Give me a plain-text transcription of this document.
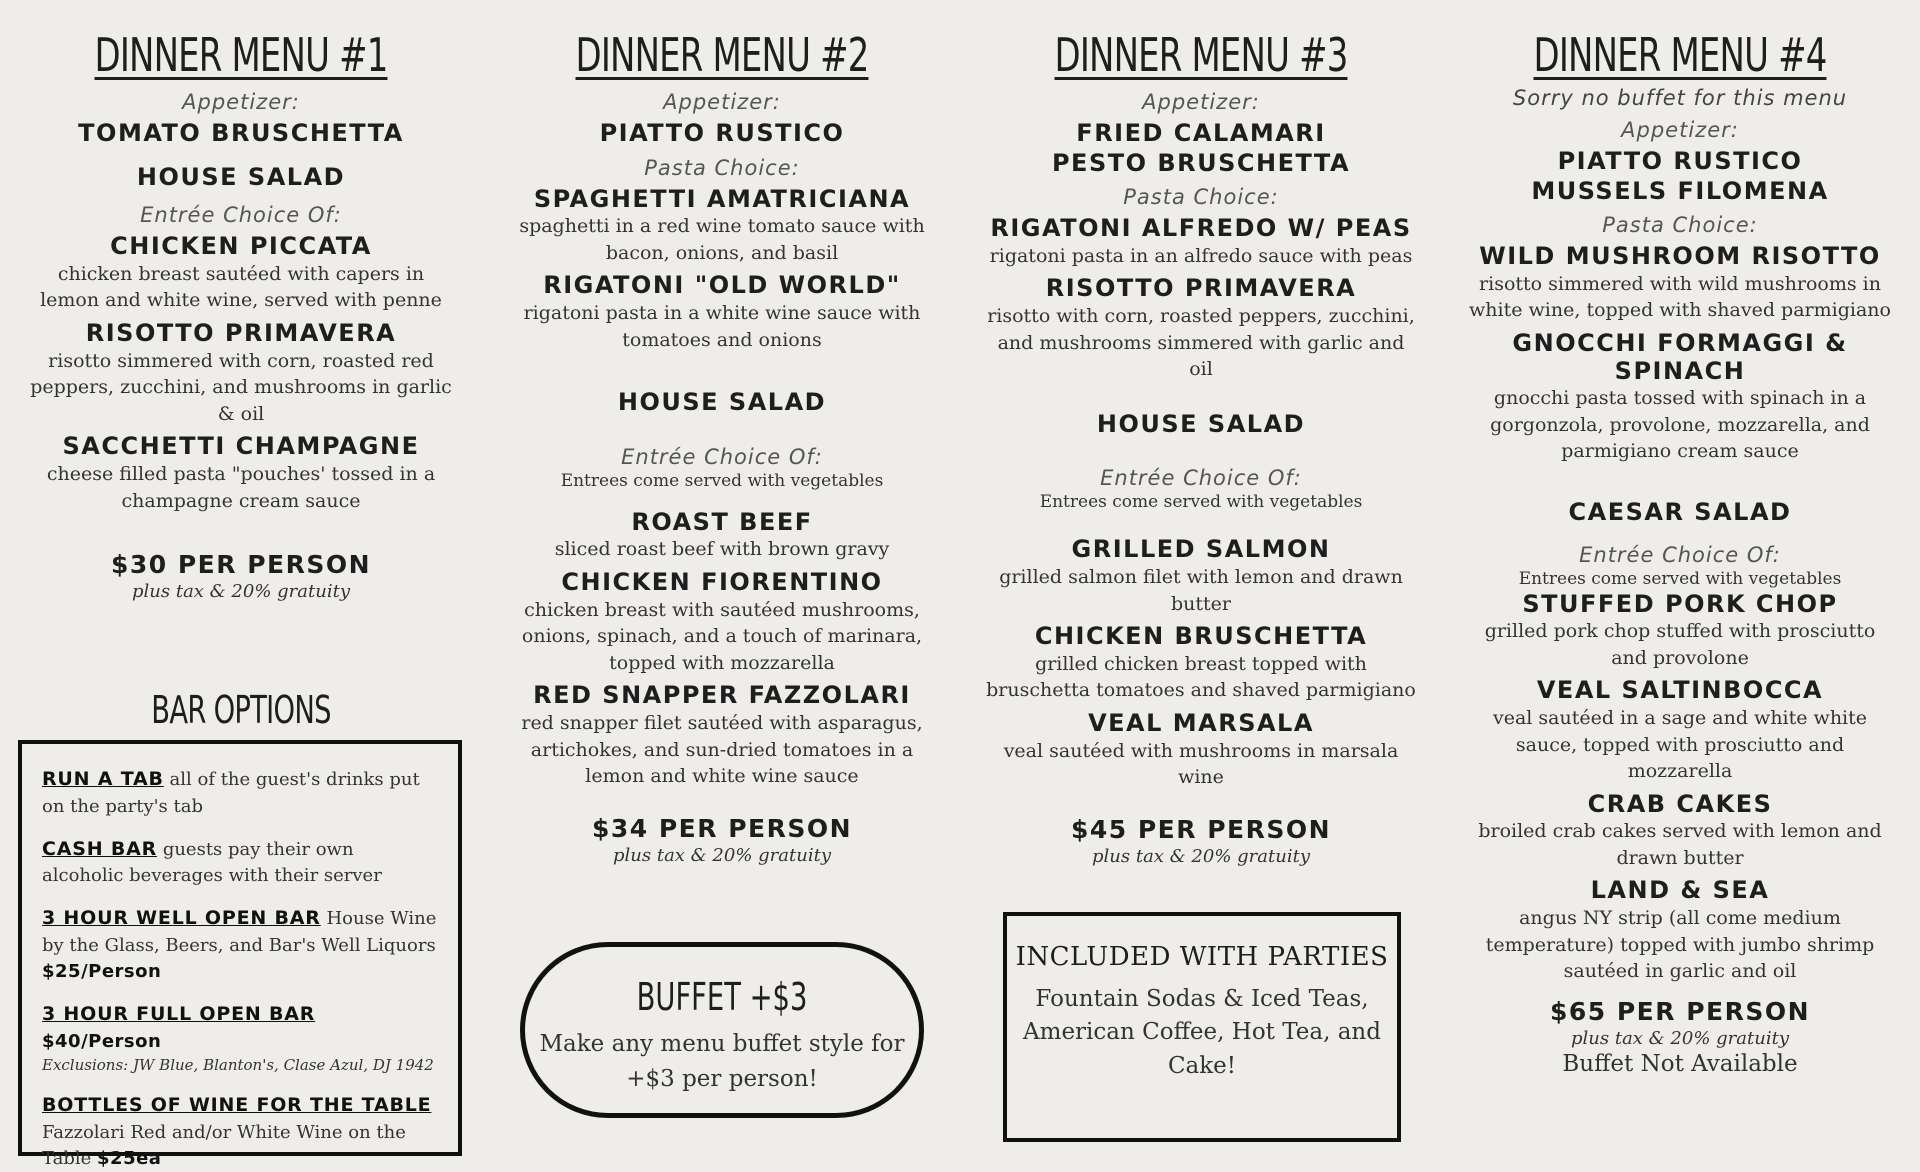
DINNER MENU #1
Appetizer:
TOMATO BRUSCHETTA
HOUSE SALAD
Entrée Choice Of:
CHICKEN PICCATA
chicken breast sautéed with capers in lemon and white wine, served with penne
RISOTTO PRIMAVERA
risotto simmered with corn, roasted red peppers, zucchini, and mushrooms in garlic & oil
SACCHETTI CHAMPAGNE
cheese filled pasta "pouches' tossed in a champagne cream sauce
$30 PER PERSON
plus tax & 20% gratuity
BAR OPTIONS
RUN A TAB all of the guest's drinks put on the party's tab
CASH BAR guests pay their own alcoholic beverages with their server
3 HOUR WELL OPEN BAR House Wine by the Glass, Beers, and Bar's Well Liquors $25/Person
3 HOUR FULL OPEN BAR $40/Person
Exclusions: JW Blue, Blanton's, Clase Azul, DJ 1942
BOTTLES OF WINE FOR THE TABLE Fazzolari Red and/or White Wine on the Table $25ea
DINNER MENU #2
Appetizer:
PIATTO RUSTICO
Pasta Choice:
SPAGHETTI AMATRICIANA
spaghetti in a red wine tomato sauce with bacon, onions, and basil
RIGATONI "OLD WORLD"
rigatoni pasta in a white wine sauce with tomatoes and onions
HOUSE SALAD
Entrée Choice Of:
Entrees come served with vegetables
ROAST BEEF
sliced roast beef with brown gravy
CHICKEN FIORENTINO
chicken breast with sautéed mushrooms, onions, spinach, and a touch of marinara, topped with mozzarella
RED SNAPPER FAZZOLARI
red snapper filet sautéed with asparagus, artichokes, and sun-dried tomatoes in a lemon and white wine sauce
$34 PER PERSON
plus tax & 20% gratuity
BUFFET +$3

Make any menu buffet style for +$3 per person!

DINNER MENU #3
Appetizer:
FRIED CALAMARI
PESTO BRUSCHETTA
Pasta Choice:
RIGATONI ALFREDO W/ PEAS
rigatoni pasta in an alfredo sauce with peas
RISOTTO PRIMAVERA
risotto with corn, roasted peppers, zucchini, and mushrooms simmered with garlic and oil
HOUSE SALAD
Entrée Choice Of:
Entrees come served with vegetables
GRILLED SALMON
grilled salmon filet with lemon and drawn butter
CHICKEN BRUSCHETTA
grilled chicken breast topped with bruschetta tomatoes and shaved parmigiano
VEAL MARSALA
veal sautéed with mushrooms in marsala wine
$45 PER PERSON
plus tax & 20% gratuity
INCLUDED WITH PARTIES

Fountain Sodas & Iced Teas, American Coffee, Hot Tea, and Cake!

DINNER MENU #4
Sorry no buffet for this menu
Appetizer:
PIATTO RUSTICO
MUSSELS FILOMENA
Pasta Choice:
WILD MUSHROOM RISOTTO
risotto simmered with wild mushrooms in white wine, topped with shaved parmigiano
GNOCCHI FORMAGGI & SPINACH
gnocchi pasta tossed with spinach in a gorgonzola, provolone, mozzarella, and parmigiano cream sauce
CAESAR SALAD
Entrée Choice Of:
Entrees come served with vegetables
STUFFED PORK CHOP
grilled pork chop stuffed with prosciutto and provolone
VEAL SALTINBOCCA
veal sautéed in a sage and white white sauce, topped with prosciutto and mozzarella
CRAB CAKES
broiled crab cakes served with lemon and drawn butter
LAND & SEA
angus NY strip (all come medium temperature) topped with jumbo shrimp sautéed in garlic and oil
$65 PER PERSON
plus tax & 20% gratuity
Buffet Not Available
